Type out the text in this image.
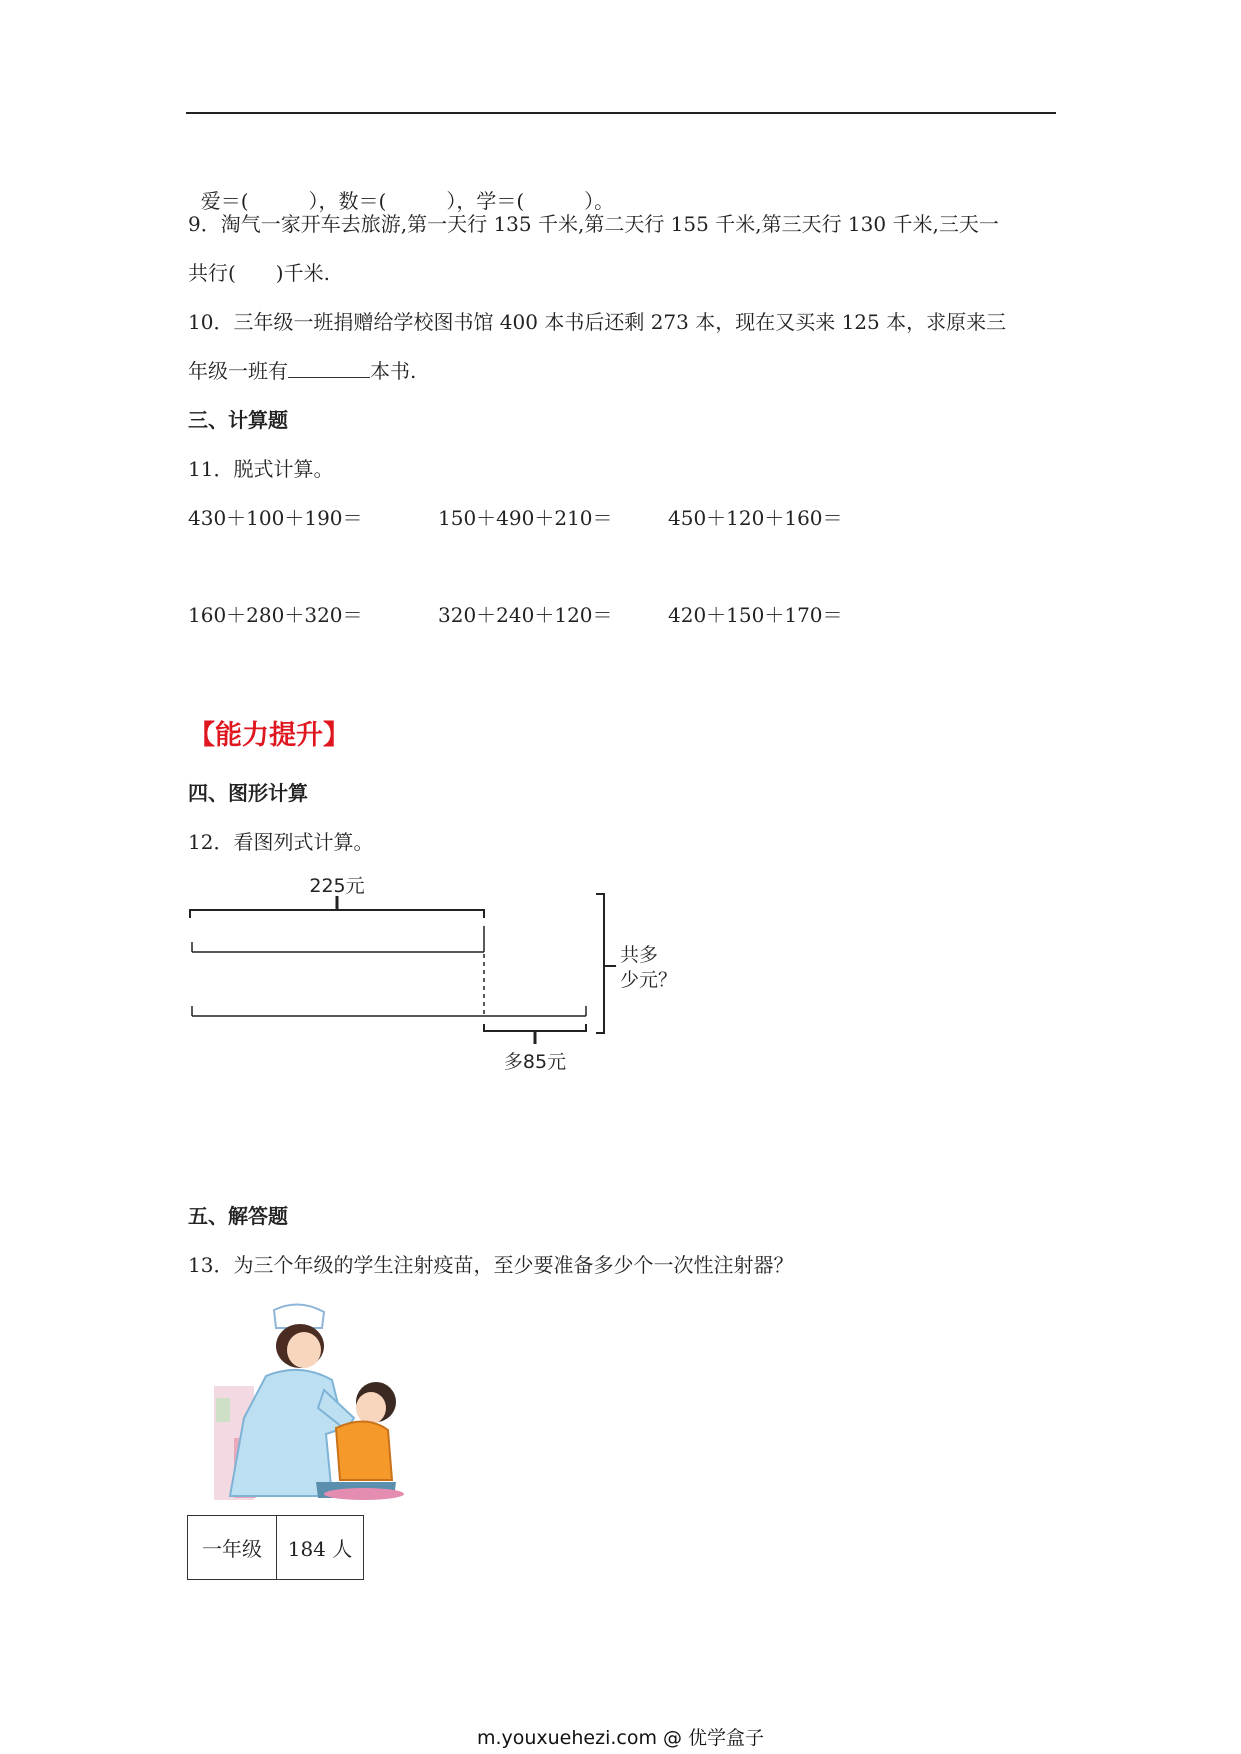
爱＝(	），数＝(	），学＝(	）。

9．淘气一家开车去旅游,第一天行 135 千米,第二天行 155 千米,第三天行 130 千米,三天一
共行(　　)千米.
10．三年级一班捐赠给学校图书馆 400 本书后还剩 273 本，现在又买来 125 本，求原来三
年级一班有	本书.
三、计算题
11．脱式计算。
430＋100＋190＝	150＋490＋210＝	450＋120＋160＝
160＋280＋320＝	320＋240＋120＝	420＋150＋170＝
【能力提升】
四、图形计算
12．看图列式计算。
225元
多85元
共多
少元？
五、解答题
13．为三个年级的学生注射疫苗，至少要准备多少个一次性注射器？
一年级	184 人
m.youxuehezi.com @ 优学盒子
